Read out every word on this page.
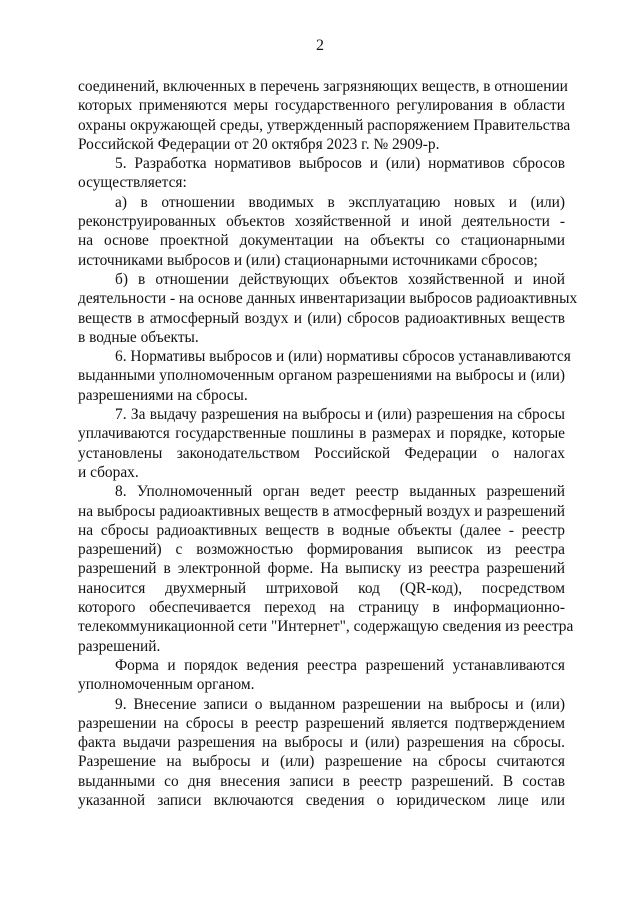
2
соединений, включенных в перечень загрязняющих веществ, в отношении
которых применяются меры государственного регулирования в области
охраны окружающей среды, утвержденный распоряжением Правительства
Российской Федерации от 20 октября 2023 г. № 2909-р.
5. Разработка нормативов выбросов и (или) нормативов сбросов
осуществляется:
а) в отношении вводимых в эксплуатацию новых и (или)
реконструированных объектов хозяйственной и иной деятельности -
на основе проектной документации на объекты со стационарными
источниками выбросов и (или) стационарными источниками сбросов;
б) в отношении действующих объектов хозяйственной и иной
деятельности - на основе данных инвентаризации выбросов радиоактивных
веществ в атмосферный воздух и (или) сбросов радиоактивных веществ
в водные объекты.
6. Нормативы выбросов и (или) нормативы сбросов устанавливаются
выданными уполномоченным органом разрешениями на выбросы и (или)
разрешениями на сбросы.
7. За выдачу разрешения на выбросы и (или) разрешения на сбросы
уплачиваются государственные пошлины в размерах и порядке, которые
установлены законодательством Российской Федерации о налогах
и сборах.
8. Уполномоченный орган ведет реестр выданных разрешений
на выбросы радиоактивных веществ в атмосферный воздух и разрешений
на сбросы радиоактивных веществ в водные объекты (далее - реестр
разрешений) с возможностью формирования выписок из реестра
разрешений в электронной форме. На выписку из реестра разрешений
наносится двухмерный штриховой код (QR-код), посредством
которого обеспечивается переход на страницу в информационно-
телекоммуникационной сети "Интернет", содержащую сведения из реестра
разрешений.
Форма и порядок ведения реестра разрешений устанавливаются
уполномоченным органом.
9. Внесение записи о выданном разрешении на выбросы и (или)
разрешении на сбросы в реестр разрешений является подтверждением
факта выдачи разрешения на выбросы и (или) разрешения на сбросы.
Разрешение на выбросы и (или) разрешение на сбросы считаются
выданными со дня внесения записи в реестр разрешений. В состав
указанной записи включаются сведения о юридическом лице или
